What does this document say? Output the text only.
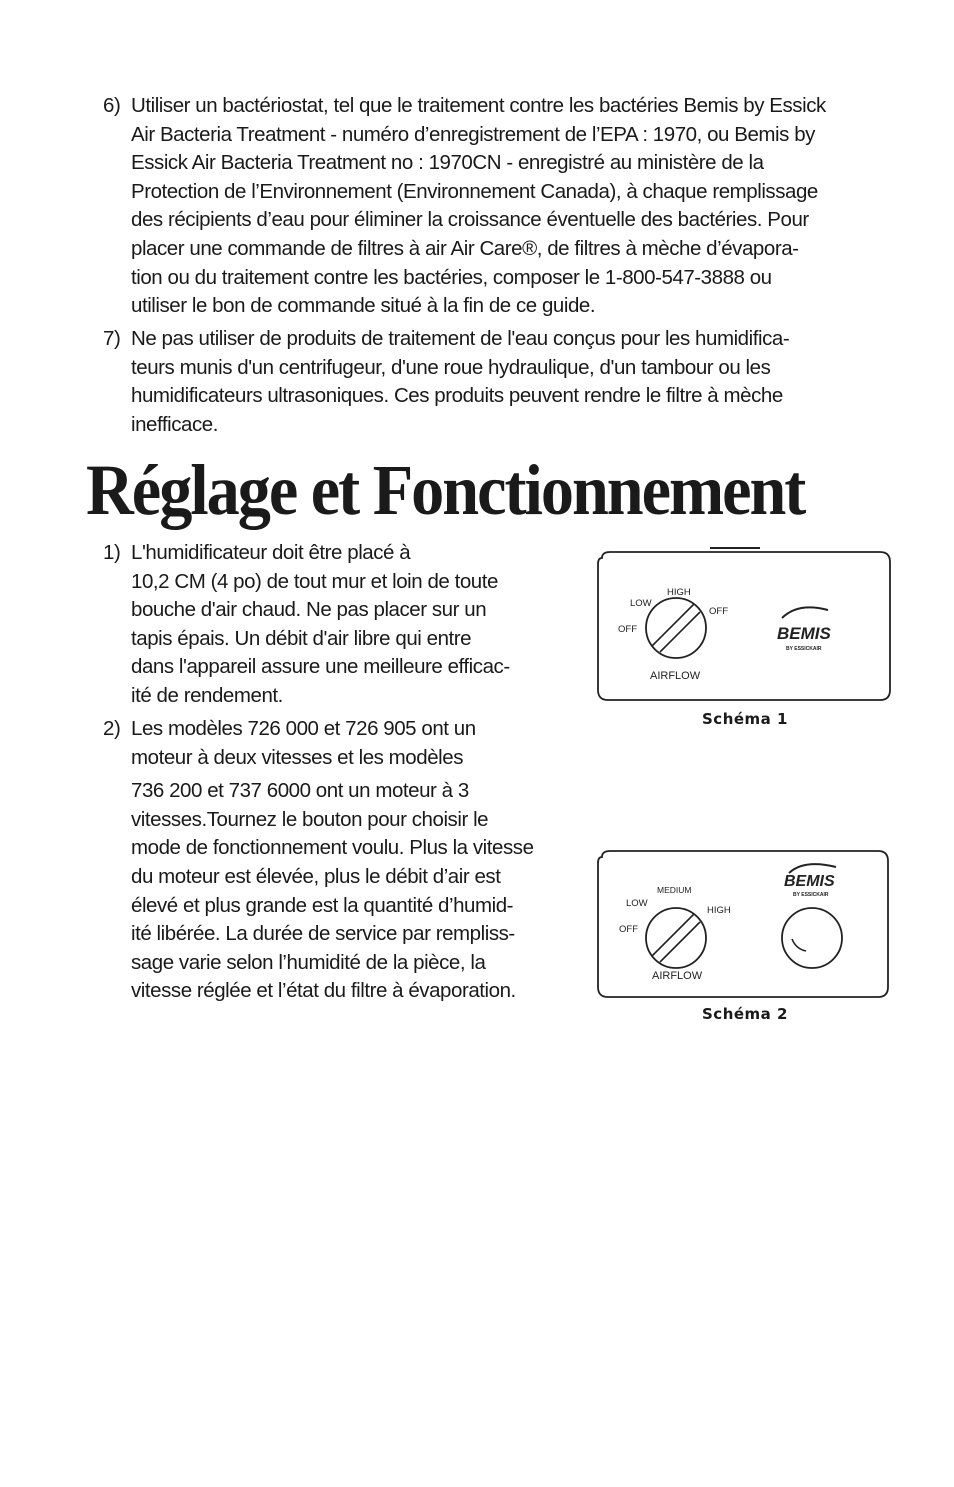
6) Utiliser un bactériostat, tel que le traitement contre les bactéries Bemis by Essick
Air Bacteria Treatment - numéro d’enregistrement de l’EPA : 1970, ou Bemis by
Essick Air Bacteria Treatment no : 1970CN - enregistré au ministère de la
Protection de l’Environnement (Environnement Canada), à chaque remplissage
des récipients d’eau pour éliminer la croissance éventuelle des bactéries. Pour
placer une commande de filtres à air Air Care®, de filtres à mèche d’évapora-
tion ou du traitement contre les bactéries, composer le 1-800-547-3888 ou
utiliser le bon de commande situé à la fin de ce guide.
7) Ne pas utiliser de produits de traitement de l'eau conçus pour les humidifica-
teurs munis d'un centrifugeur, d'une roue hydraulique, d'un tambour ou les
humidificateurs ultrasoniques. Ces produits peuvent rendre le filtre à mèche
inefficace.
Réglage et Fonctionnement
1) L'humidificateur doit être placé à
10,2 CM (4 po) de tout mur et loin de toute
bouche d'air chaud. Ne pas placer sur un
tapis épais. Un débit d'air libre qui entre
dans l'appareil assure une meilleure efficac-
ité de rendement.
2) Les modèles 726 000 et 726 905 ont un
moteur à deux vitesses et les modèles
736 200 et 737 6000 ont un moteur à 3
vitesses.Tournez le bouton pour choisir le
mode de fonctionnement voulu. Plus la vitesse
du moteur est élevée, plus le débit d’air est
élevé et plus grande est la quantité d’humid-
ité libérée. La durée de service par rempliss-
sage varie selon l’humidité de la pièce, la
vitesse réglée et l’état du filtre à évaporation.
LOW
HIGH
OFF
OFF
AIRFLOW
BEMIS
BY ESSICKAIR
Schéma 1
LOW
MEDIUM
HIGH
OFF
AIRFLOW
BEMIS
BY ESSICKAIR
Schéma 2
